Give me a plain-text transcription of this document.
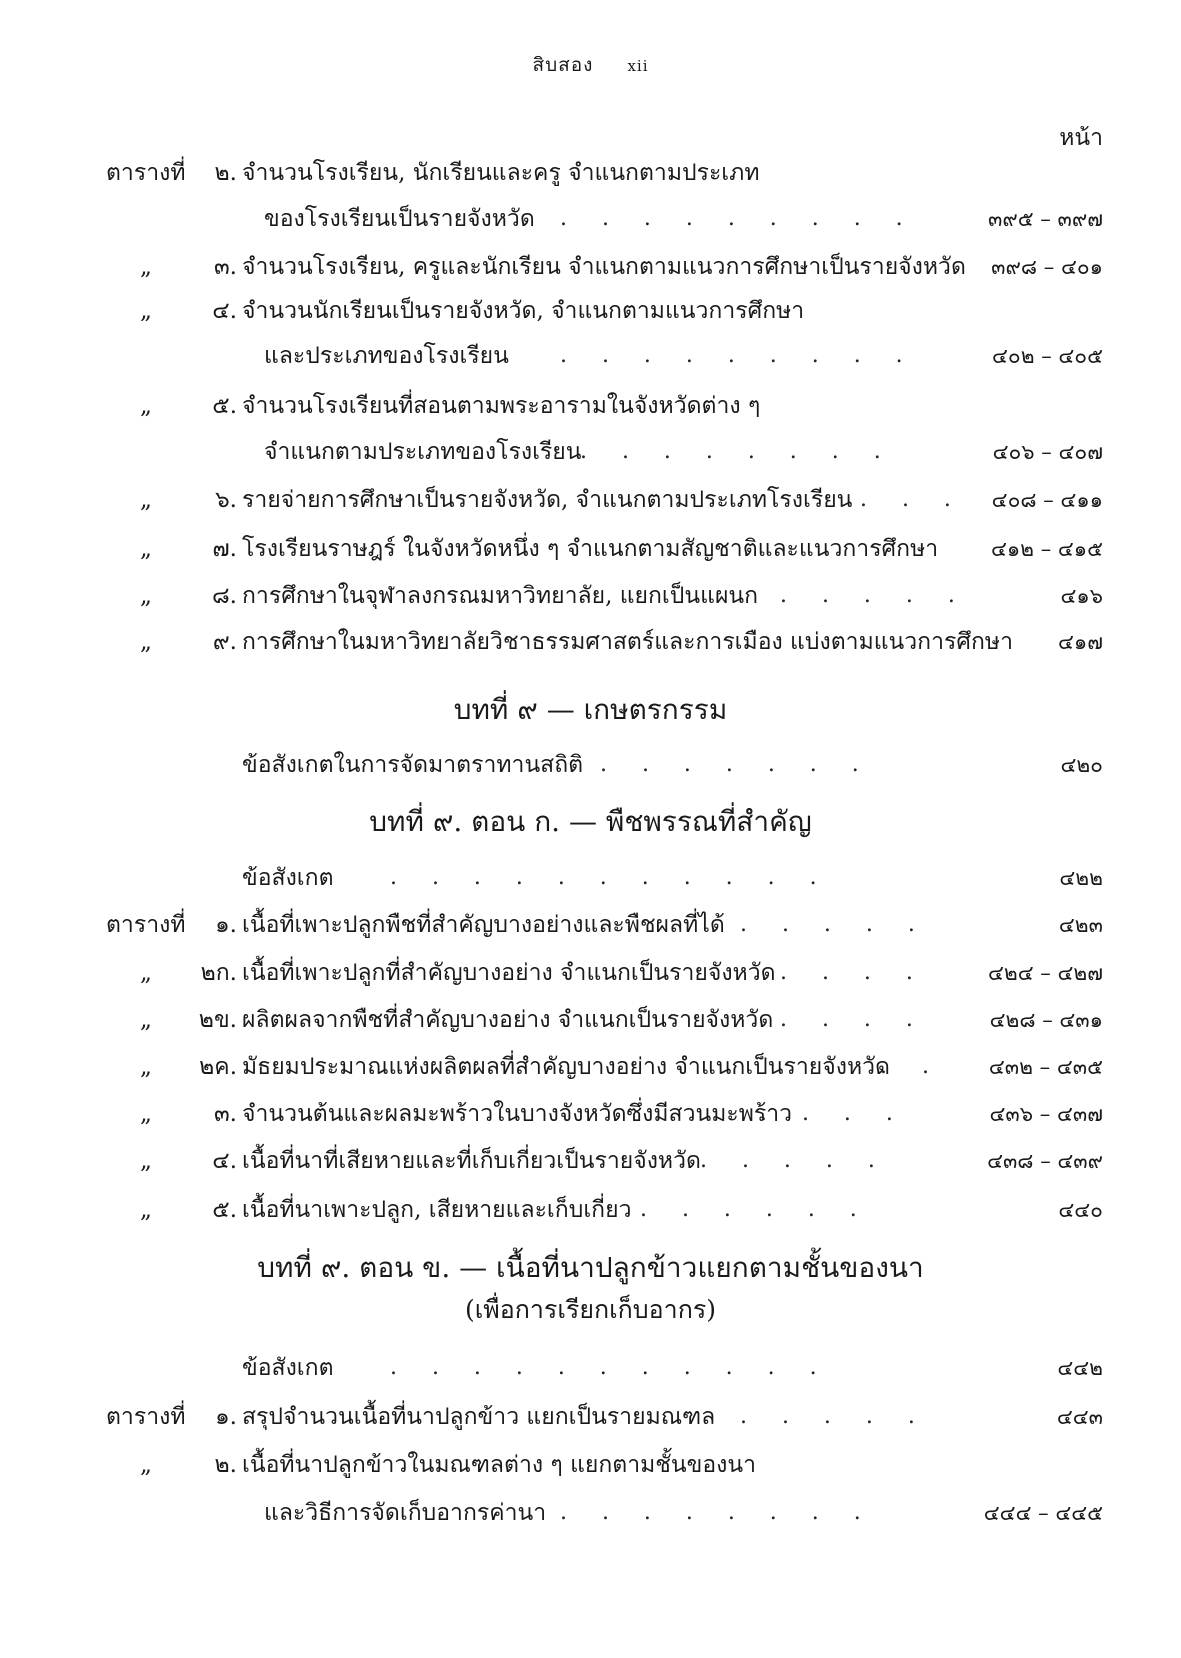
สิบสอง xii
หน้า
ตารางที่	๒. จำนวนโรงเรียน, นักเรียนและครู จำแนกตามประเภท
ของโรงเรียนเป็นรายจังหวัด .     .     .     .     .     .     .     .     .	๓๙๕ – ๓๙๗
„	๓. จำนวนโรงเรียน, ครูและนักเรียน จำแนกตามแนวการศึกษาเป็นรายจังหวัด ๓๙๘ – ๔๐๑
„	๔. จำนวนนักเรียนเป็นรายจังหวัด, จำแนกตามแนวการศึกษา
และประเภทของโรงเรียน .     .     .     .     .     .     .     .     .	๔๐๒ – ๔๐๕
„	๕. จำนวนโรงเรียนที่สอนตามพระอารามในจังหวัดต่าง ๆ
จำแนกตามประเภทของโรงเรียน
.     .     .     .     .     .     .     .	๔๐๖ – ๔๐๗
„	๖. รายจ่ายการศึกษาเป็นรายจังหวัด, จำแนกตามประเภทโรงเรียน .     .     .	๔๐๘ – ๔๑๑
„	๗. โรงเรียนราษฎร์ ในจังหวัดหนึ่ง ๆ จำแนกตามสัญชาติและแนวการศึกษา	๔๑๒ – ๔๑๕
„	๘. การศึกษาในจุฬาลงกรณมหาวิทยาลัย, แยกเป็นแผนก .     .     .     .     .	๔๑๖
„	๙. การศึกษาในมหาวิทยาลัยวิชาธรรมศาสตร์และการเมือง แบ่งตามแนวการศึกษา ๔๑๗
บทที่ ๙ — เกษตรกรรม
ข้อสังเกตในการจัดมาตราทานสถิติ .     .     .     .     .     .     .	๔๒๐
บทที่ ๙. ตอน ก. — พืชพรรณที่สำคัญ
ข้อสังเกต	.     .     .     .     .     .     .     .     .     .     .	๔๒๒
ตารางที่	๑. เนื้อที่เพาะปลูกพืชที่สำคัญบางอย่างและพืชผลที่ได้ .     .     .     .     .	๔๒๓
„	๒ก. เนื้อที่เพาะปลูกที่สำคัญบางอย่าง จำแนกเป็นรายจังหวัด .     .     .     .	๔๒๔ – ๔๒๗
„	๒ข. ผลิตผลจากพืชที่สำคัญบางอย่าง จำแนกเป็นรายจังหวัด .     .     .     .	๔๒๘ – ๔๓๑
„	๒ค. มัธยมประมาณแห่งผลิตผลที่สำคัญบางอย่าง จำแนกเป็นรายจังหวัด
.     .	๔๓๒ – ๔๓๕
„	๓. จำนวนต้นและผลมะพร้าวในบางจังหวัดซึ่งมีสวนมะพร้าว
.     .     .     .	๔๓๖ – ๔๓๗
„	๔. เนื้อที่นาที่เสียหายและที่เก็บเกี่ยวเป็นรายจังหวัด .     .     .     .     .	๔๓๘ – ๔๓๙
„	๕. เนื้อที่นาเพาะปลูก, เสียหายและเก็บเกี่ยว .     .     .     .     .     .	๔๔๐
บทที่ ๙. ตอน ข. — เนื้อที่นาปลูกข้าวแยกตามชั้นของนา
(เพื่อการเรียกเก็บอากร)
ข้อสังเกต	.     .     .     .     .     .     .     .     .     .     .	๔๔๒
ตารางที่	๑. สรุปจำนวนเนื้อที่นาปลูกข้าว แยกเป็นรายมณฑล .     .     .     .     .	๔๔๓
„	๒. เนื้อที่นาปลูกข้าวในมณฑลต่าง ๆ แยกตามชั้นของนา
และวิธีการจัดเก็บอากรค่านา .     .     .     .     .     .     .     .	๔๔๔ – ๔๔๕
